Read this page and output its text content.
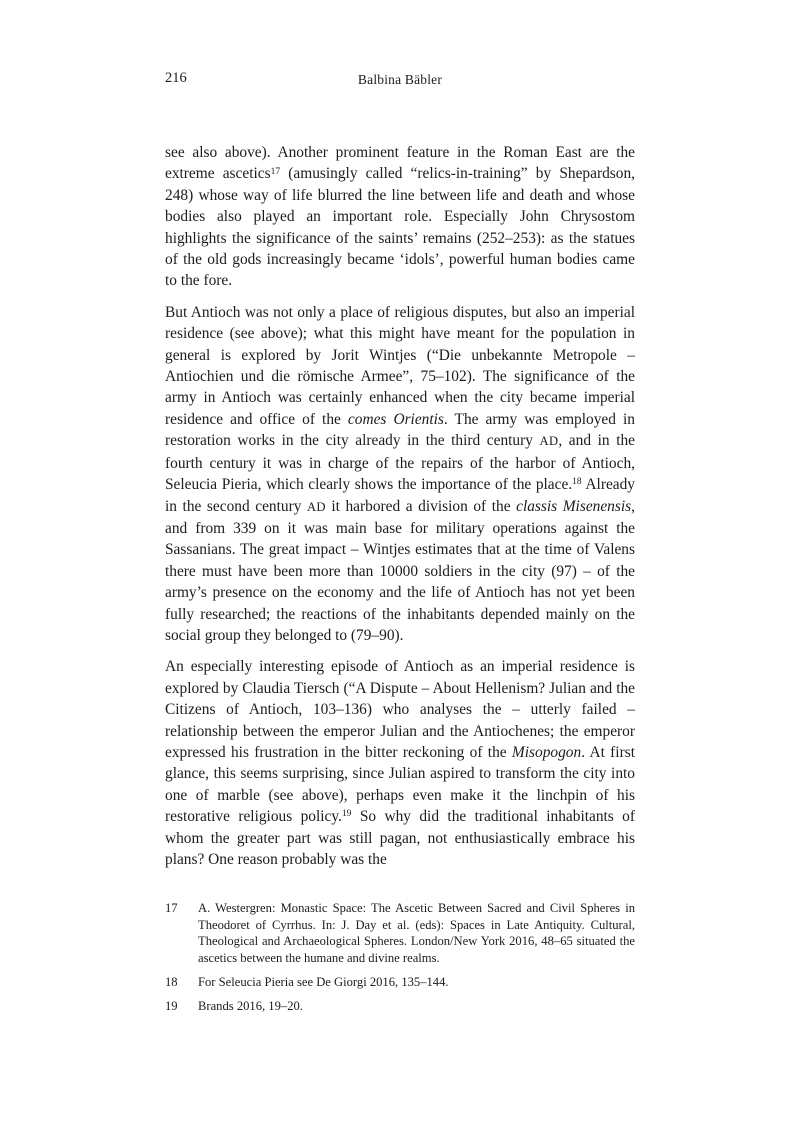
216	Balbina Bäbler

see also above). Another prominent feature in the Roman East are the extreme ascetics$^{17}$ (amusingly called “relics-in-training” by Shepardson, 248) whose way of life blurred the line between life and death and whose bodies also played an important role. Especially John Chrysostom highlights the significance of the saints’ remains (252–253): as the statues of the old gods increasingly became ‘idols’, powerful human bodies came to the fore.

But Antioch was not only a place of religious disputes, but also an imperial residence (see above); what this might have meant for the population in general is explored by Jorit Wintjes (“Die unbekannte Metropole – Antiochien und die römische Armee”, 75–102). The significance of the army in Antioch was certainly enhanced when the city became imperial residence and office of the comes Orientis. The army was employed in restoration works in the city already in the third century AD, and in the fourth century it was in charge of the repairs of the harbor of Antioch, Seleucia Pieria, which clearly shows the importance of the place.$^{18}$ Already in the second century AD it harbored a division of the classis Misenensis, and from 339 on it was main base for military operations against the Sassanians. The great impact – Wintjes estimates that at the time of Valens there must have been more than 10000 soldiers in the city (97) – of the army’s presence on the economy and the life of Antioch has not yet been fully researched; the reactions of the inhabitants depended mainly on the social group they belonged to (79–90).

An especially interesting episode of Antioch as an imperial residence is explored by Claudia Tiersch (“A Dispute – About Hellenism? Julian and the Citizens of Antioch, 103–136) who analyses the – utterly failed – relationship between the emperor Julian and the Antiochenes; the emperor expressed his frustration in the bitter reckoning of the Misopogon. At first glance, this seems surprising, since Julian aspired to transform the city into one of marble (see above), perhaps even make it the linchpin of his restorative religious policy.$^{19}$ So why did the traditional inhabitants of whom the greater part was still pagan, not enthusiastically embrace his plans? One reason probably was the

17	A. Westergren: Monastic Space: The Ascetic Between Sacred and Civil Spheres in Theodoret of Cyrrhus. In: J. Day et al. (eds): Spaces in Late Antiquity. Cultural, Theological and Archaeological Spheres. London/New York 2016, 48–65 situated the ascetics between the humane and divine realms.
18	For Seleucia Pieria see De Giorgi 2016, 135–144.
19	Brands 2016, 19–20.
